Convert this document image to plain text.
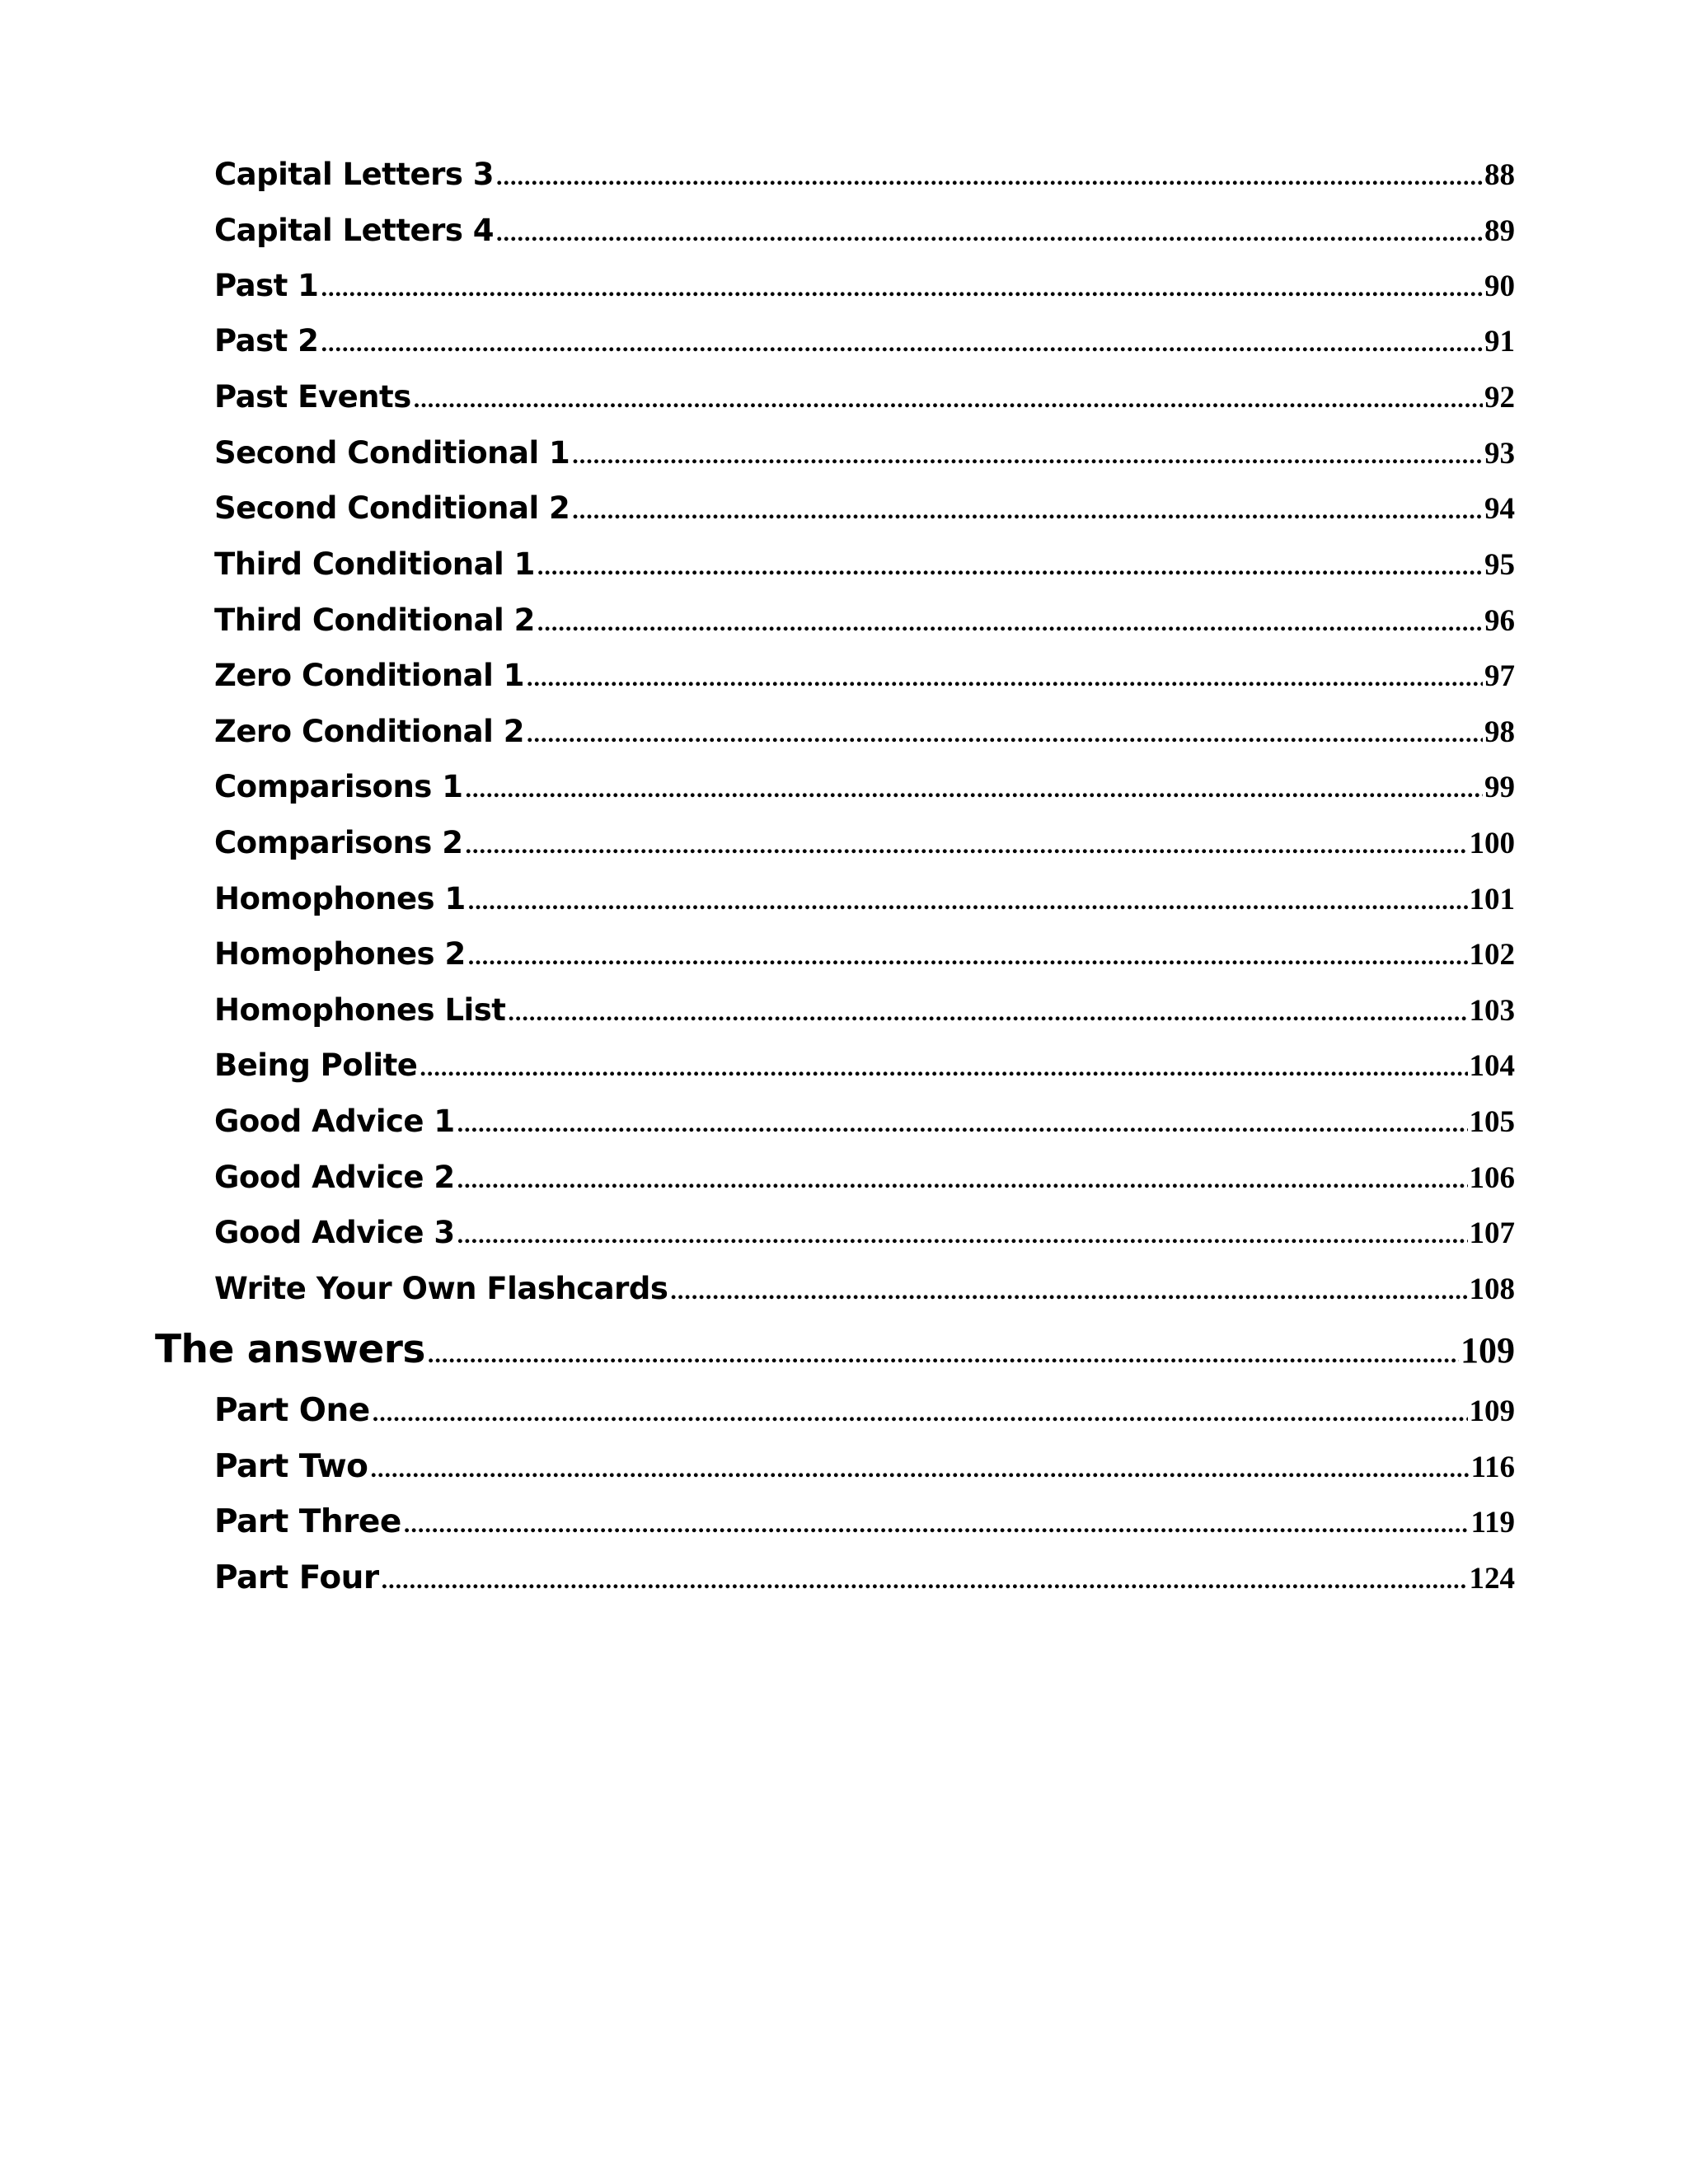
Capital Letters 3 .....	88
Capital Letters 4 .....	89
Past 1 .....	90
Past 2 .....	91
Past Events .....	92
Second Conditional 1 .....	93
Second Conditional 2 .....	94
Third Conditional 1 .....	95
Third Conditional 2 .....	96
Zero Conditional 1 .....	97
Zero Conditional 2 .....	98
Comparisons 1 .....	99
Comparisons 2 .....	100
Homophones 1 .....	101
Homophones 2 .....	102
Homophones List .....	103
Being Polite .....	104
Good Advice 1 .....	105
Good Advice 2 .....	106
Good Advice 3 .....	107
Write Your Own Flashcards .....	108
The answers .....	109
Part One .....	109
Part Two .....	116
Part Three .....	119
Part Four .....	124
